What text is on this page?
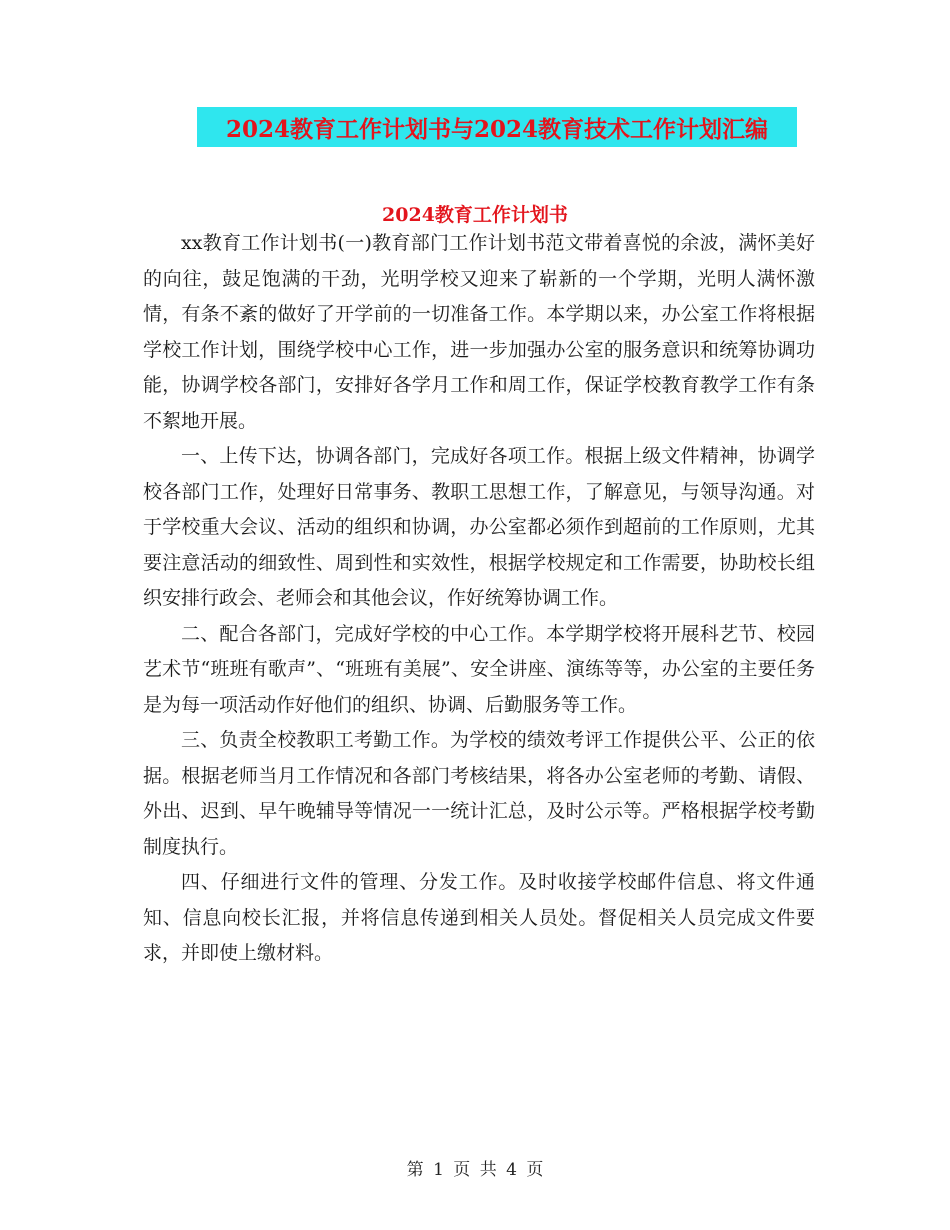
2024教育工作计划书与2024教育技术工作计划汇编
2024教育工作计划书

xx教育工作计划书(一)教育部门工作计划书范文带着喜悦的余波，满怀美好的向往，鼓足饱满的干劲，光明学校又迎来了崭新的一个学期，光明人满怀激情，有条不紊的做好了开学前的一切准备工作。本学期以来，办公室工作将根据学校工作计划，围绕学校中心工作，进一步加强办公室的服务意识和统筹协调功能，协调学校各部门，安排好各学月工作和周工作，保证学校教育教学工作有条不絮地开展。

一、上传下达，协调各部门，完成好各项工作。根据上级文件精神，协调学校各部门工作，处理好日常事务、教职工思想工作，了解意见，与领导沟通。对于学校重大会议、活动的组织和协调，办公室都必须作到超前的工作原则，尤其要注意活动的细致性、周到性和实效性，根据学校规定和工作需要，协助校长组织安排行政会、老师会和其他会议，作好统筹协调工作。

二、配合各部门，完成好学校的中心工作。本学期学校将开展科艺节、校园艺术节“班班有歌声”、“班班有美展”、安全讲座、演练等等，办公室的主要任务是为每一项活动作好他们的组织、协调、后勤服务等工作。

三、负责全校教职工考勤工作。为学校的绩效考评工作提供公平、公正的依据。根据老师当月工作情况和各部门考核结果，将各办公室老师的考勤、请假、外出、迟到、早午晚辅导等情况一一统计汇总，及时公示等。严格根据学校考勤制度执行。

四、仔细进行文件的管理、分发工作。及时收接学校邮件信息、将文件通知、信息向校长汇报，并将信息传递到相关人员处。督促相关人员完成文件要求，并即使上缴材料。

第 1 页 共 4 页
